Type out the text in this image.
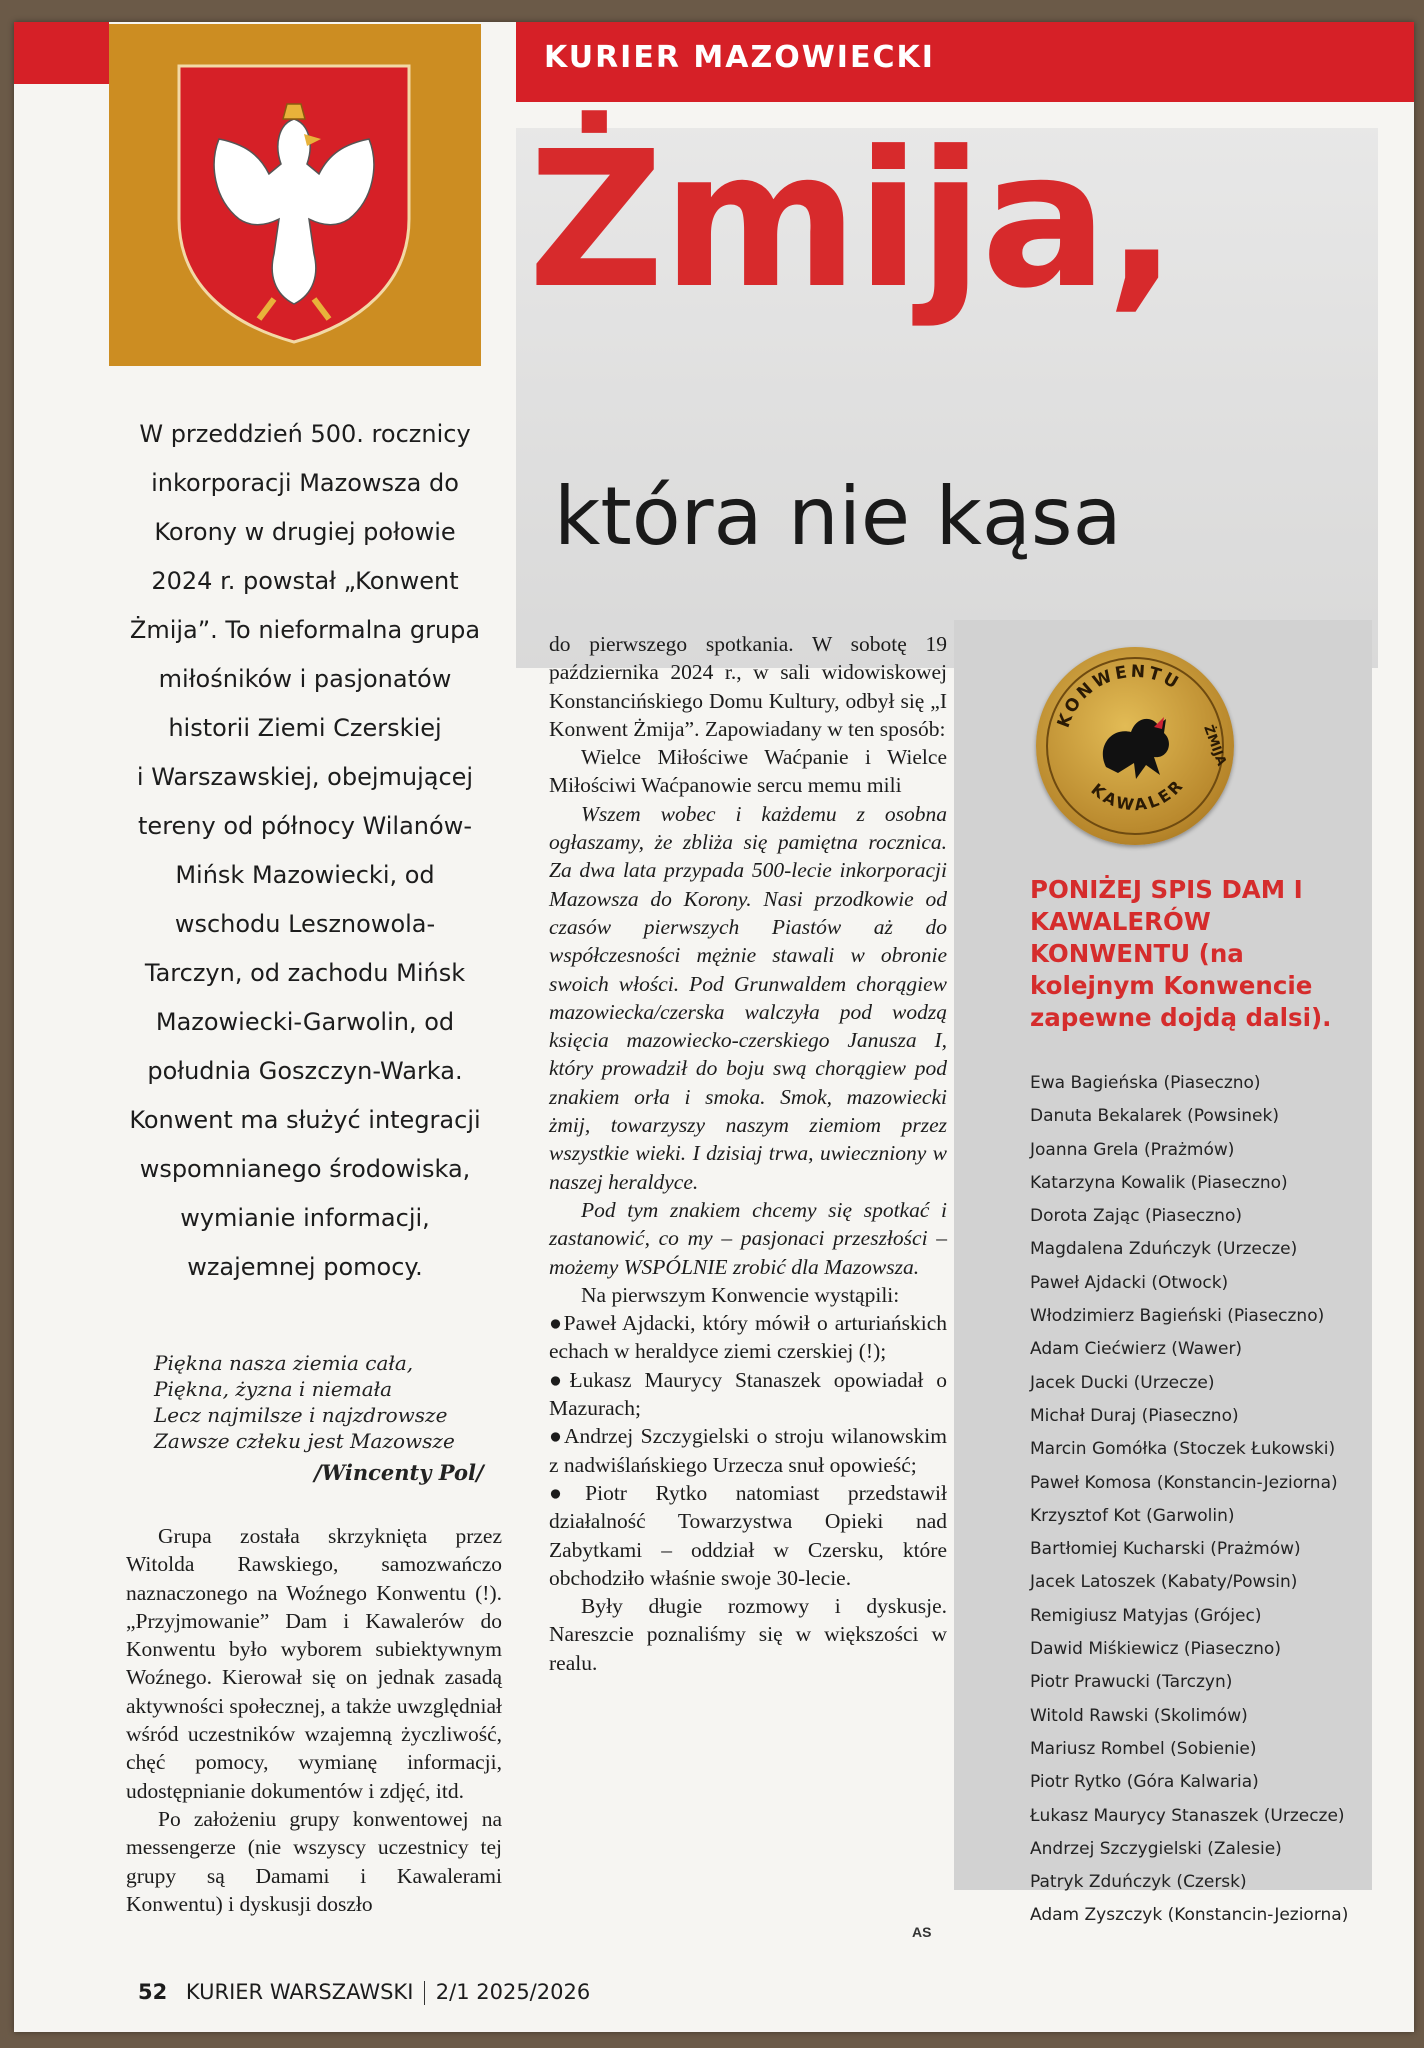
KURIER MAZOWIECKI
Żmija,
która nie kąsa
W przeddzień 500. rocznicy
inkorporacji Mazowsza do
Korony w drugiej połowie
2024 r. powstał „Konwent
Żmija”. To nieformalna grupa
miłośników i pasjonatów
historii Ziemi Czerskiej
i Warszawskiej, obejmującej
tereny od północy Wilanów-
Mińsk Mazowiecki, od
wschodu Lesznowola-
Tarczyn, od zachodu Mińsk
Mazowiecki-Garwolin, od
południa Goszczyn-Warka.
Konwent ma służyć integracji
wspomnianego środowiska,
wymianie informacji,
wzajemnej pomocy.
Piękna nasza ziemia cała,
Piękna, żyzna i niemała
Lecz najmilsze i najzdrowsze
Zawsze człeku jest Mazowsze
/Wincenty Pol/

Grupa została skrzyknięta przez Witolda Rawskiego, samozwańczo naznaczonego na Woźnego Konwentu (!). „Przyjmowanie” Dam i Kawalerów do Konwentu było wyborem subiektywnym Woźnego. Kierował się on jednak zasadą aktywności społecznej, a także uwzględniał wśród uczestników wzajemną życzliwość, chęć pomocy, wymianę informacji, udostępnianie dokumentów i zdjęć, itd.

Po założeniu grupy konwentowej na messengerze (nie wszyscy uczestnicy tej grupy są Damami i Kawalerami Konwentu) i dyskusji doszło

do pierwszego spotkania. W sobotę 19 października 2024 r., w sali widowiskowej Konstancińskiego Domu Kultury, odbył się „I Konwent Żmija”. Zapowiadany w ten sposób:

Wielce Miłościwe Waćpanie i Wielce Miłościwi Waćpanowie sercu memu mili

Wszem wobec i każdemu z osobna ogłaszamy, że zbliża się pamiętna rocznica. Za dwa lata przypada 500-lecie inkorporacji Mazowsza do Korony. Nasi przodkowie od czasów pierwszych Piastów aż do współczesności mężnie stawali w obronie swoich włości. Pod Grunwaldem chorągiew mazowiecka/czerska walczyła pod wodzą księcia mazowiecko-czerskiego Janusza I, który prowadził do boju swą chorągiew pod znakiem orła i smoka. Smok, mazowiecki żmij, towarzyszy naszym ziemiom przez wszystkie wieki. I dzisiaj trwa, uwieczniony w naszej heraldyce.

Pod tym znakiem chcemy się spotkać i zastanowić, co my – pasjonaci przeszłości – możemy WSPÓLNIE zrobić dla Mazowsza.

Na pierwszym Konwencie wystąpili:

● Paweł Ajdacki, który mówił o arturiańskich echach w heraldyce ziemi czerskiej (!);

● Łukasz Maurycy Stanaszek opowiadał o Mazurach;

● Andrzej Szczygielski o stroju wilanowskim z nadwiślańskiego Urzecza snuł opowieść;

● Piotr Rytko natomiast przedstawił działalność Towarzystwa Opieki nad Zabytkami – oddział w Czersku, które obchodziło właśnie swoje 30-lecie.

Były długie rozmowy i dyskusje. Nareszcie poznaliśmy się w większości w realu.

AS
KONWENTU
KAWALER
ŻMIJA
PONIŻEJ SPIS DAM I KAWALERÓW KONWENTU (na kolejnym Konwencie zapewne dojdą dalsi).
Ewa Bagieńska (Piaseczno)
Danuta Bekalarek (Powsinek)
Joanna Grela (Prażmów)
Katarzyna Kowalik (Piaseczno)
Dorota Zając (Piaseczno)
Magdalena Zduńczyk (Urzecze)
Paweł Ajdacki (Otwock)
Włodzimierz Bagieński (Piaseczno)
Adam Ciećwierz (Wawer)
Jacek Ducki (Urzecze)
Michał Duraj (Piaseczno)
Marcin Gomółka (Stoczek Łukowski)
Paweł Komosa (Konstancin-Jeziorna)
Krzysztof Kot (Garwolin)
Bartłomiej Kucharski (Prażmów)
Jacek Latoszek (Kabaty/Powsin)
Remigiusz Matyjas (Grójec)
Dawid Miśkiewicz (Piaseczno)
Piotr Prawucki (Tarczyn)
Witold Rawski (Skolimów)
Mariusz Rombel (Sobienie)
Piotr Rytko (Góra Kalwaria)
Łukasz Maurycy Stanaszek (Urzecze)
Andrzej Szczygielski (Zalesie)
Patryk Zduńczyk (Czersk)
Adam Zyszczyk (Konstancin-Jeziorna)
52 KURIER WARSZAWSKI 2/1 2025/2026
